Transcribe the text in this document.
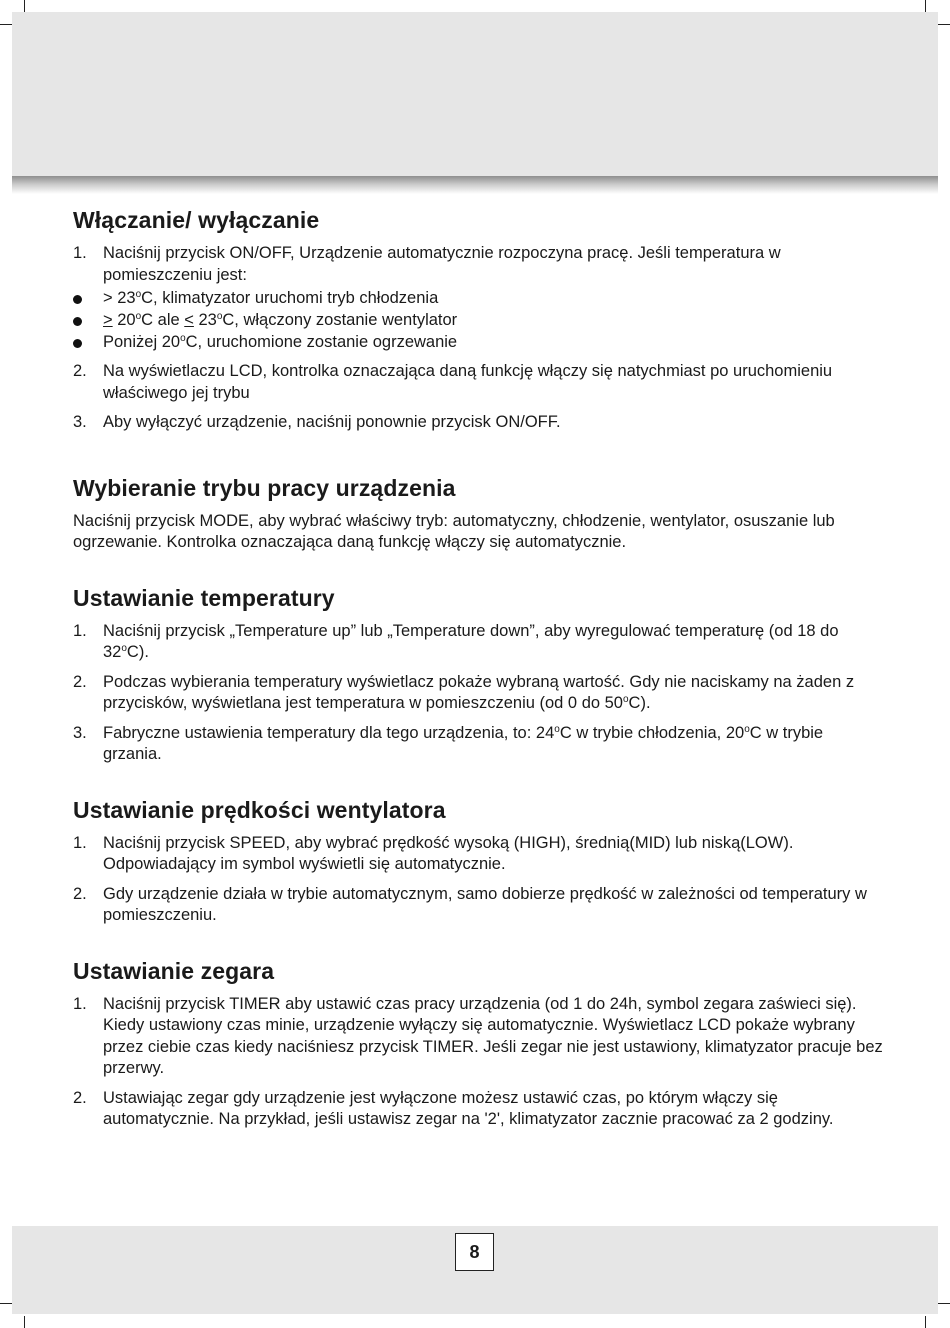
Włączanie/ wyłączanie
1. Naciśnij przycisk ON/OFF, Urządzenie automatycznie rozpoczyna pracę. Jeśli temperatura w pomieszczeniu jest:
> $23^oC$, klimatyzator uruchomi tryb chłodzenia
> $20^oC$ ale < $23^oC$, włączony zostanie wentylator
Poniżej 20$^o$C, uruchomione zostanie ogrzewanie
2. Na wyświetlaczu LCD, kontrolka oznaczająca daną funkcję włączy się natychmiast po uruchomieniu właściwego jej trybu
3. Aby wyłączyć urządzenie, naciśnij ponownie przycisk ON/OFF.
Wybieranie trybu pracy urządzenia

Naciśnij przycisk MODE, aby wybrać właściwy tryb: automatyczny, chłodzenie, wentylator, osuszanie lub ogrzewanie. Kontrolka oznaczająca daną funkcję włączy się automatycznie.

Ustawianie temperatury
1. Naciśnij przycisk „Temperature up” lub „Temperature down”, aby wyregulować temperaturę (od 18 do 32$^o$C).
2. Podczas wybierania temperatury wyświetlacz pokaże wybraną wartość. Gdy nie naciskamy na żaden z przycisków, wyświetlana jest temperatura w pomieszczeniu (od 0 do 50$^o$C).
3. Fabryczne ustawienia temperatury dla tego urządzenia, to: 24$^o$C w trybie chłodzenia, 20$^o$C w trybie grzania.
Ustawianie prędkości wentylatora
1. Naciśnij przycisk SPEED, aby wybrać prędkość wysoką (HIGH), średnią(MID) lub niską(LOW). Odpowiadający im symbol wyświetli się automatycznie.
2. Gdy urządzenie działa w trybie automatycznym, samo dobierze prędkość w zależności od temperatury w pomieszczeniu.
Ustawianie zegara
1. Naciśnij przycisk TIMER aby ustawić czas pracy urządzenia (od 1 do 24h, symbol zegara zaświeci się). Kiedy ustawiony czas minie, urządzenie wyłączy się automatycznie. Wyświetlacz LCD pokaże wybrany przez ciebie czas kiedy naciśniesz przycisk TIMER. Jeśli zegar nie jest ustawiony, klimatyzator pracuje bez przerwy.
2. Ustawiając zegar gdy urządzenie jest wyłączone możesz ustawić czas, po którym włączy się automatycznie. Na przykład, jeśli ustawisz zegar na '2', klimatyzator zacznie pracować za 2 godziny.
8
